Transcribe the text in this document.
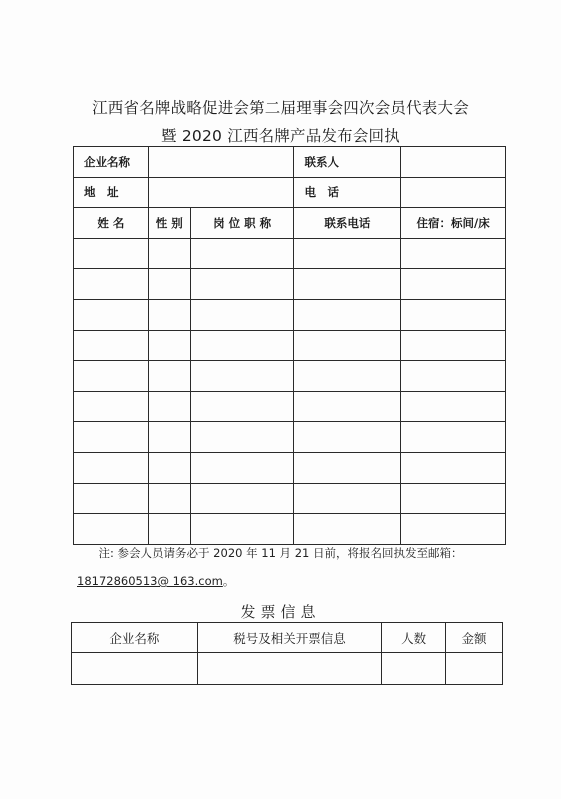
江西省名牌战略促进会第二届理事会四次会员代表大会
暨 2020 江西名牌产品发布会回执
企业名称			联系人	
地　址			电　话	
姓 名	性 别	岗 位 职 称	联系电话	住宿：标间/床

注: 参会人员请务必于 2020 年 11 月 21 日前，将报名回执发至邮箱：
18172860513@ 163.com。
发票信息
企业名称	税号及相关开票信息	人数	金额
